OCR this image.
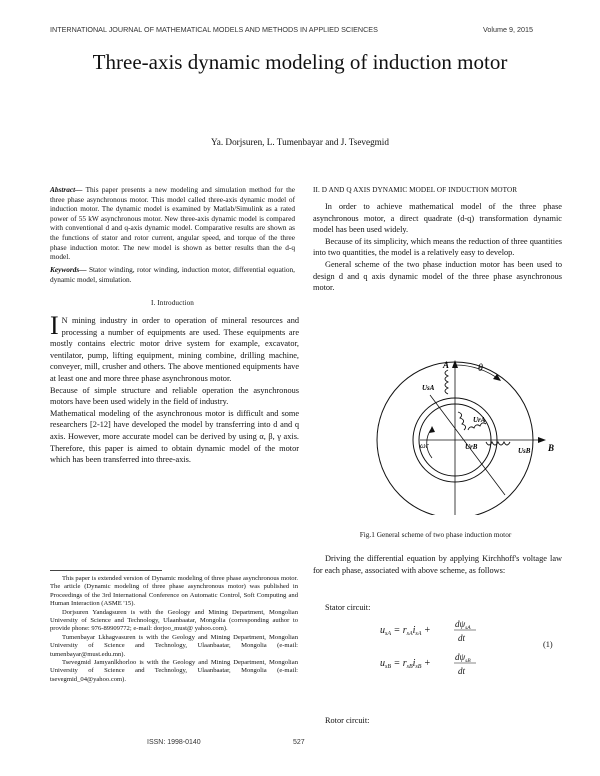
INTERNATIONAL JOURNAL OF MATHEMATICAL MODELS AND METHODS IN APPLIED SCIENCES	Volume 9, 2015
Three-axis dynamic modeling of induction motor
Ya. Dorjsuren, L. Tumenbayar and J. Tsevegmid
Abstract— This paper presents a new modeling and simulation method for the three phase asynchronous motor. This model called three-axis dynamic model of induction motor. The dynamic model is examined by Matlab/Simulink as a rated power of 55 kW asynchronous motor. New three-axis dynamic model is compared with conventional d and q-axis dynamic model. Comparative results are shown as the functions of stator and rotor current, angular speed, and torque of the three phase induction motor. The new model is shown as better results than the d-q model.
Keywords— Stator winding, rotor winding, induction motor, differential equation, dynamic model, simulation.
I. Introduction

I N mining industry in order to operation of mineral resources and processing a number of equipments are used. These equipments are mostly contains electric motor drive system for example, excavator, ventilator, pump, lifting equipment, mining combine, drilling machine, conveyer, mill, crusher and others. The above mentioned equipments have at least one and more three phase asynchronous motor.

Because of simple structure and reliable operation the asynchronous motors have been used widely in the field of industry.

Mathematical modeling of the asynchronous motor is difficult and some researchers [2-12] have developed the model by transferring into d and q axis. However, more accurate model can be derived by using α, β, γ axis. Therefore, this paper is aimed to obtain dynamic model of the motor which has been transferred into three-axis.

This paper is extended version of Dynamic modeling of three phase asynchronous motor. The article (Dynamic modeling of three phase asynchronous motor) was published in Proceedings of the 3rd International Conference on Automatic Control, Soft Computing and Human Interaction (ASME '15).

Dorjsuren Yandagsuren is with the Geology and Mining Department, Mongolian University of Science and Technology, Ulaanbaatar, Mongolia (corresponding author to provide phone: 976-89909772; e-mail: dorjoo_must@ yahoo.com).

Tumenbayar Lkhagvasuren is with the Geology and Mining Department, Mongolian University of Science and Technology, Ulaanbaatar, Mongolia (e-mail: tumenbayar@must.edu.mn).

Tsevegmid Jamyanlkhorloo is with the Geology and Mining Department, Mongolian University of Science and Technology, Ulaanbaatar, Mongolia (e-mail: tsevegmid_04@yahoo.com).

II. D AND Q AXIS DYNAMIC MODEL OF INDUCTION MOTOR

In order to achieve mathematical model of the three phase asynchronous motor, a direct quadrate (d-q) transformation dynamic model has been used widely.

Because of its simplicity, which means the reduction of three quantities into two quantities, the model is a relatively easy to develop.

General scheme of the two phase induction motor has been used to design d and q axis dynamic model of the three phase asynchronous motor.

A
B
θ
ωr
UsA
UsB
UrA
UrB
Fig.1 General scheme of two phase induction motor
Driving the differential equation by applying Kirchhoff's voltage law for each phase, associated with above scheme, as follows:
Stator circuit:
$u_{sA} = r_{sA}i_{sA}$ +
$d\psi_{sA}$
dt
$u_{sB} = r_{sB}i_{sB}$ +
$d\psi_{sB}$
dt
(1)
Rotor circuit:
ISSN: 1998-0140	527
